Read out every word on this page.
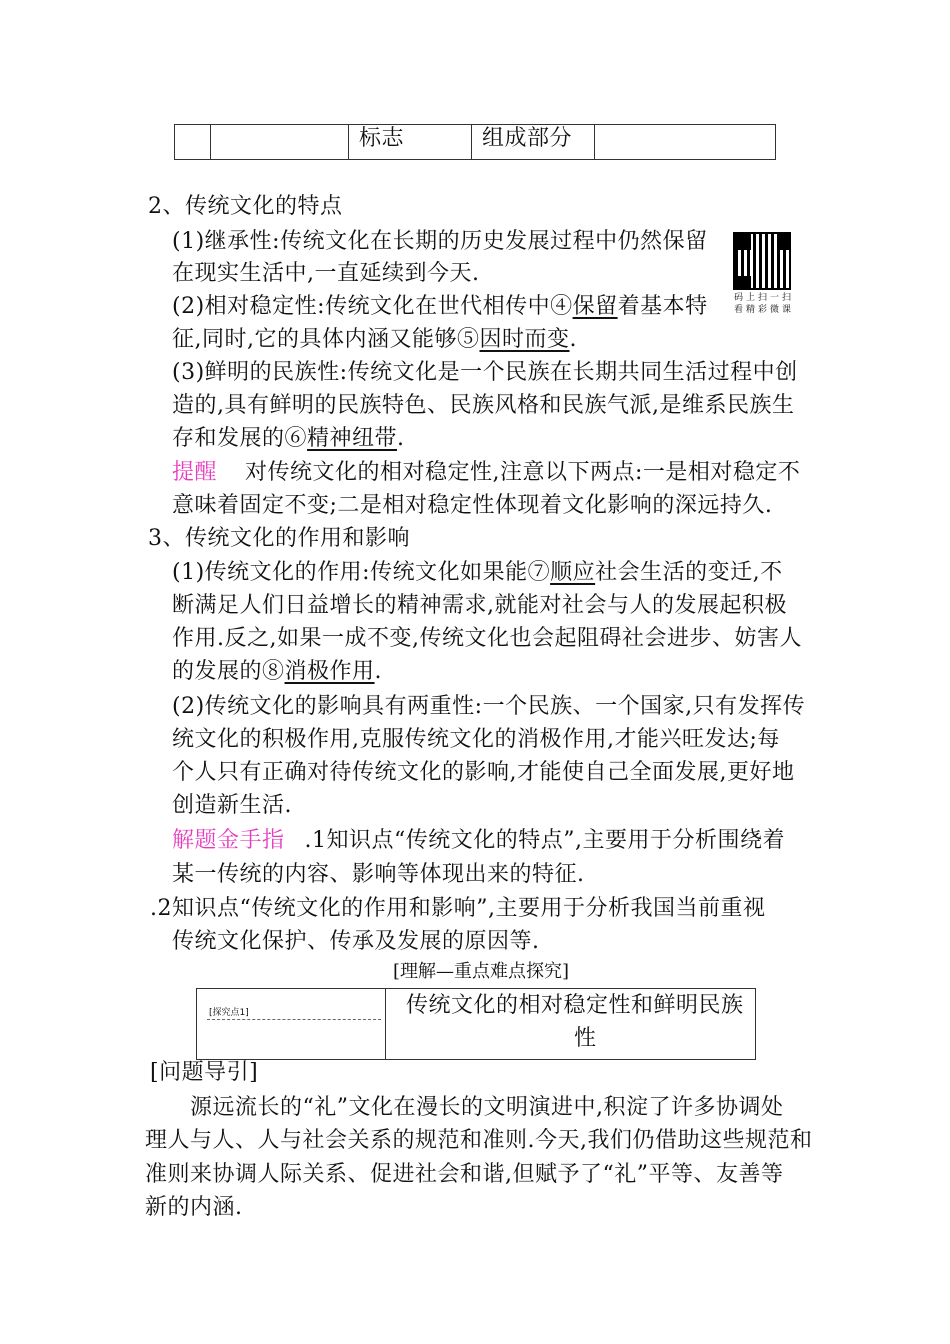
标志	组成部分
2、传统文化的特点
(1)继承性:传统文化在长期的历史发展过程中仍然保留
在现实生活中,一直延续到今天.
(2)相对稳定性:传统文化在世代相传中④保留着基本特
征,同时,它的具体内涵又能够⑤因时而变.
(3)鲜明的民族性:传统文化是一个民族在长期共同生活过程中创
造的,具有鲜明的民族特色、民族风格和民族气派,是维系民族生
存和发展的⑥精神纽带.
提醒 对传统文化的相对稳定性,注意以下两点:一是相对稳定不
意味着固定不变;二是相对稳定性体现着文化影响的深远持久.
码上扫一扫
看精彩微课
3、传统文化的作用和影响
(1)传统文化的作用:传统文化如果能⑦顺应社会生活的变迁,不
断满足人们日益增长的精神需求,就能对社会与人的发展起积极
作用.反之,如果一成不变,传统文化也会起阻碍社会进步、妨害人
的发展的⑧消极作用.
(2)传统文化的影响具有两重性:一个民族、一个国家,只有发挥传
统文化的积极作用,克服传统文化的消极作用,才能兴旺发达;每
个人只有正确对待传统文化的影响,才能使自己全面发展,更好地
创造新生活.
解题金手指 .1知识点“传统文化的特点”,主要用于分析围绕着
某一传统的内容、影响等体现出来的特征.
.2知识点“传统文化的作用和影响”,主要用于分析我国当前重视
传统文化保护、传承及发展的原因等.
[理解—重点难点探究]
[探究点1]	传统文化的相对稳定性和鲜明民族
性
[问题导引]
源远流长的“礼”文化在漫长的文明演进中,积淀了许多协调处
理人与人、人与社会关系的规范和准则.今天,我们仍借助这些规范和
准则来协调人际关系、促进社会和谐,但赋予了“礼”平等、友善等
新的内涵.
